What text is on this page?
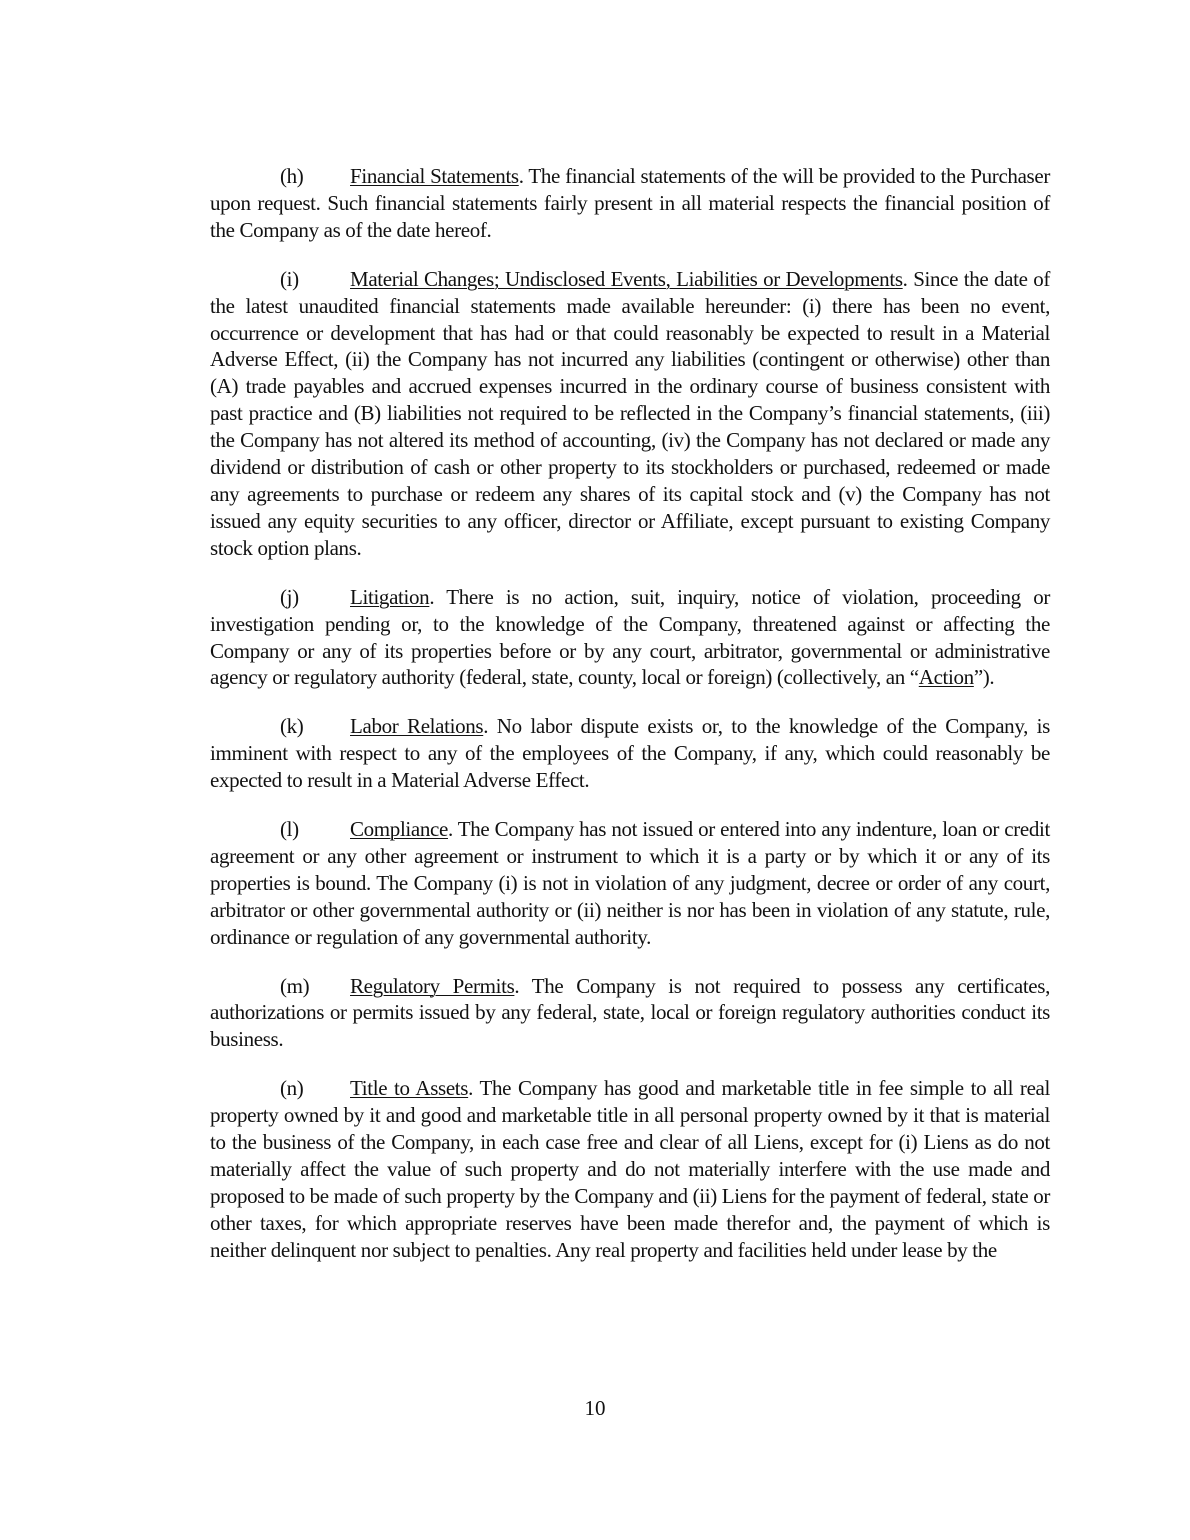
(h) Financial Statements. The financial statements of the will be provided to the Purchaser upon request. Such financial statements fairly present in all material respects the financial position of the Company as of the date hereof.

(i) Material Changes; Undisclosed Events, Liabilities or Developments. Since the date of the latest unaudited financial statements made available hereunder: (i) there has been no event, occurrence or development that has had or that could reasonably be expected to result in a Material Adverse Effect, (ii) the Company has not incurred any liabilities (contingent or otherwise) other than (A) trade payables and accrued expenses incurred in the ordinary course of business consistent with past practice and (B) liabilities not required to be reflected in the Company’s financial statements, (iii) the Company has not altered its method of accounting, (iv) the Company has not declared or made any dividend or distribution of cash or other property to its stockholders or purchased, redeemed or made any agreements to purchase or redeem any shares of its capital stock and (v) the Company has not issued any equity securities to any officer, director or Affiliate, except pursuant to existing Company stock option plans.

(j) Litigation. There is no action, suit, inquiry, notice of violation, proceeding or investigation pending or, to the knowledge of the Company, threatened against or affecting the Company or any of its properties before or by any court, arbitrator, governmental or administrative agency or regulatory authority (federal, state, county, local or foreign) (collectively, an “Action”).

(k) Labor Relations. No labor dispute exists or, to the knowledge of the Company, is imminent with respect to any of the employees of the Company, if any, which could reasonably be expected to result in a Material Adverse Effect.

(l) Compliance. The Company has not issued or entered into any indenture, loan or credit agreement or any other agreement or instrument to which it is a party or by which it or any of its properties is bound. The Company (i) is not in violation of any judgment, decree or order of any court, arbitrator or other governmental authority or (ii) neither is nor has been in violation of any statute, rule, ordinance or regulation of any governmental authority.

(m) Regulatory Permits. The Company is not required to possess any certificates, authorizations or permits issued by any federal, state, local or foreign regulatory authorities conduct its business.

(n) Title to Assets. The Company has good and marketable title in fee simple to all real property owned by it and good and marketable title in all personal property owned by it that is material to the business of the Company, in each case free and clear of all Liens, except for (i) Liens as do not materially affect the value of such property and do not materially interfere with the use made and proposed to be made of such property by the Company and (ii) Liens for the payment of federal, state or other taxes, for which appropriate reserves have been made therefor and, the payment of which is neither delinquent nor subject to penalties. Any real property and facilities held under lease by the

10
